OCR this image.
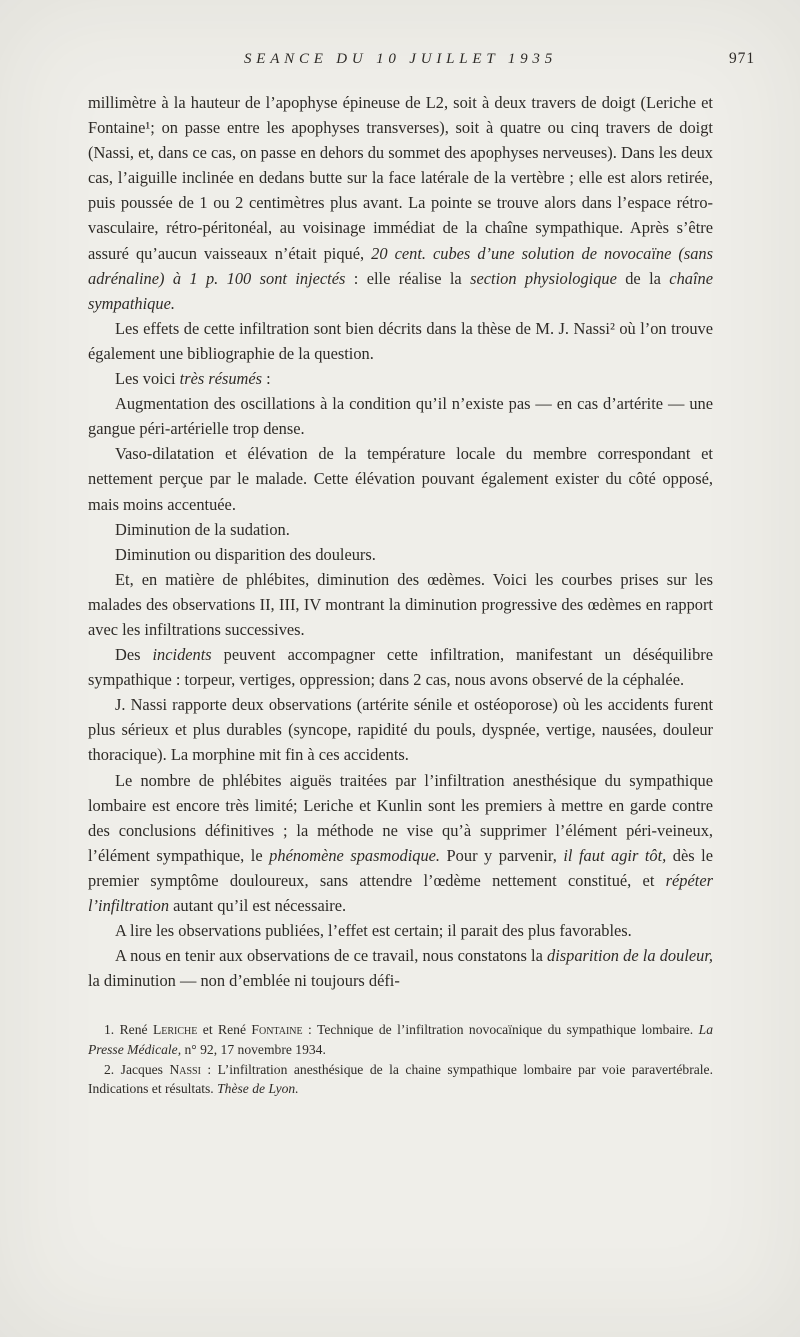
SEANCE DU 10 JUILLET 1935	971

millimètre à la hauteur de l’apophyse épineuse de L2, soit à deux travers de doigt (Leriche et Fontaine¹; on passe entre les apophyses transverses), soit à quatre ou cinq travers de doigt (Nassi, et, dans ce cas, on passe en dehors du sommet des apophyses nerveuses). Dans les deux cas, l’aiguille inclinée en dedans butte sur la face latérale de la vertèbre ; elle est alors retirée, puis poussée de 1 ou 2 centimètres plus avant. La pointe se trouve alors dans l’espace rétro-vasculaire, rétro-péritonéal, au voisinage immédiat de la chaîne sympathique. Après s’être assuré qu’aucun vaisseaux n’était piqué, 20 cent. cubes d’une solution de novocaïne (sans adrénaline) à 1 p. 100 sont injectés : elle réalise la section physiologique de la chaîne sympathique.

Les effets de cette infiltration sont bien décrits dans la thèse de M. J. Nassi² où l’on trouve également une bibliographie de la question.

Les voici très résumés :

Augmentation des oscillations à la condition qu’il n’existe pas — en cas d’artérite — une gangue péri-artérielle trop dense.

Vaso-dilatation et élévation de la température locale du membre correspondant et nettement perçue par le malade. Cette élévation pouvant également exister du côté opposé, mais moins accentuée.

Diminution de la sudation.

Diminution ou disparition des douleurs.

Et, en matière de phlébites, diminution des œdèmes. Voici les courbes prises sur les malades des observations II, III, IV montrant la diminution progressive des œdèmes en rapport avec les infiltrations successives.

Des incidents peuvent accompagner cette infiltration, manifestant un déséquilibre sympathique : torpeur, vertiges, oppression; dans 2 cas, nous avons observé de la céphalée.

J. Nassi rapporte deux observations (artérite sénile et ostéoporose) où les accidents furent plus sérieux et plus durables (syncope, rapidité du pouls, dyspnée, vertige, nausées, douleur thoracique). La morphine mit fin à ces accidents.

Le nombre de phlébites aiguës traitées par l’infiltration anesthésique du sympathique lombaire est encore très limité; Leriche et Kunlin sont les premiers à mettre en garde contre des conclusions définitives ; la méthode ne vise qu’à supprimer l’élément péri-veineux, l’élément sympathique, le phénomène spasmodique. Pour y parvenir, il faut agir tôt, dès le premier symptôme douloureux, sans attendre l’œdème nettement constitué, et répéter l’infiltration autant qu’il est nécessaire.

A lire les observations publiées, l’effet est certain; il parait des plus favorables.

A nous en tenir aux observations de ce travail, nous constatons la disparition de la douleur, la diminution — non d’emblée ni toujours défi-

1. René Leriche et René Fontaine : Technique de l’infiltration novocaïnique du sympathique lombaire. La Presse Médicale, n° 92, 17 novembre 1934.

2. Jacques Nassi : L’infiltration anesthésique de la chaine sympathique lombaire par voie paravertébrale. Indications et résultats. Thèse de Lyon.
